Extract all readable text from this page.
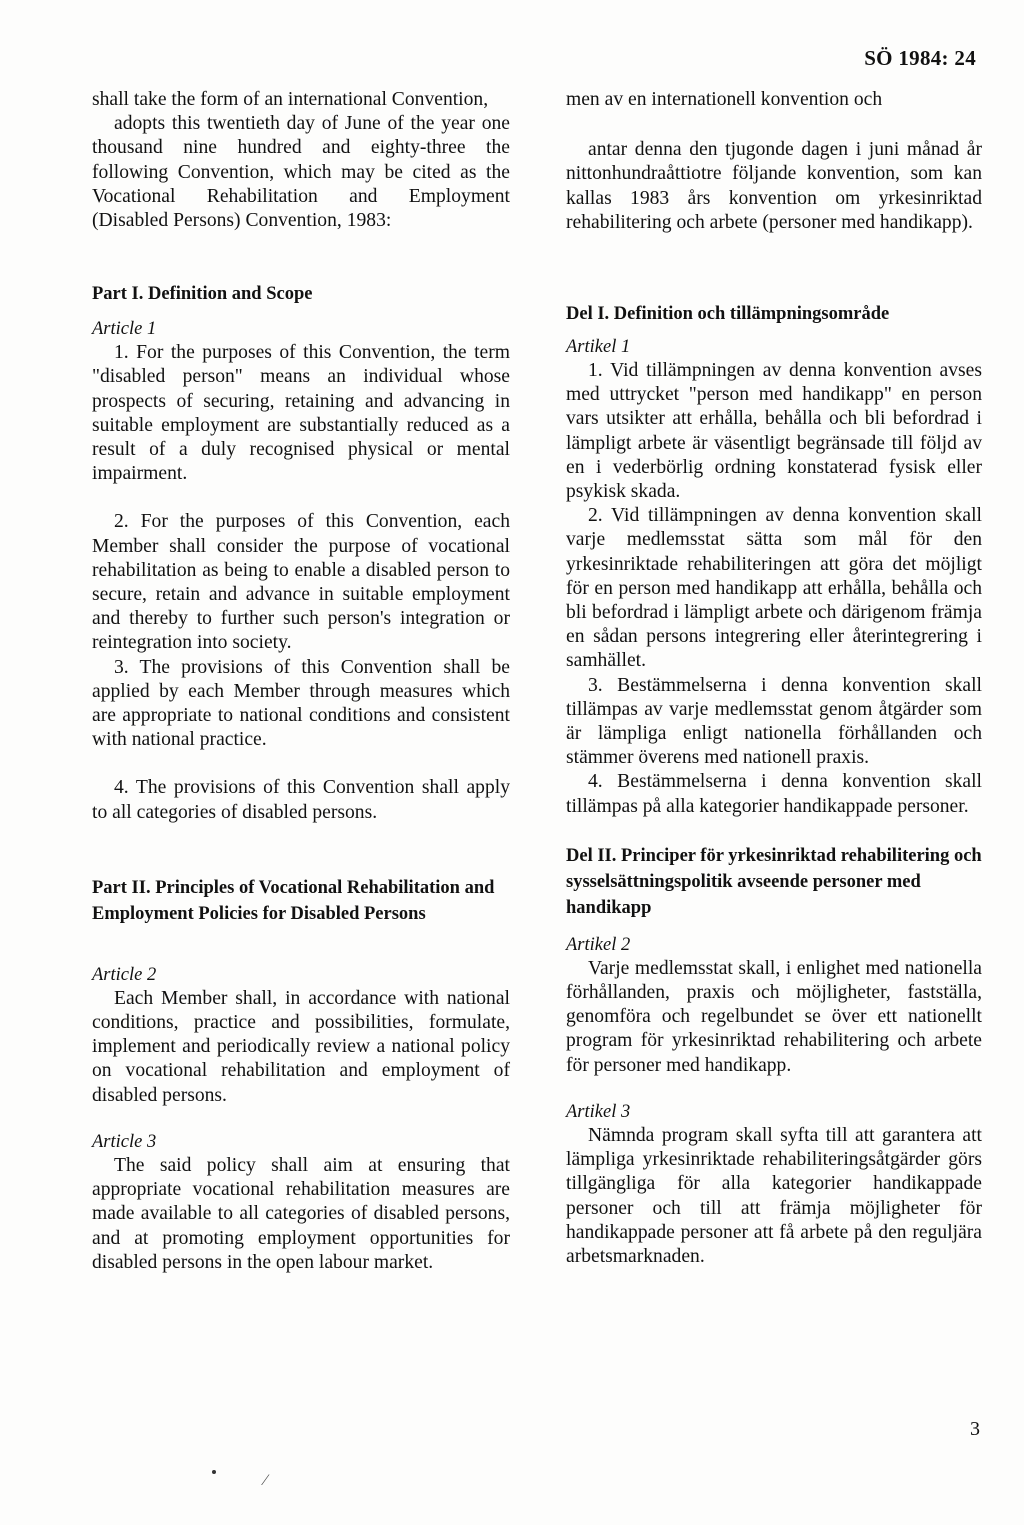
SÖ 1984: 24

shall take the form of an international Convention,

adopts this twentieth day of June of the year one thousand nine hundred and eighty-three the following Convention, which may be cited as the Vocational Rehabilitation and Employment (Disabled Persons) Convention, 1983:

Part I. Definition and Scope

Article 1

1. For the purposes of this Convention, the term "disabled person" means an individual whose prospects of securing, retaining and advancing in suitable employment are substantially reduced as a result of a duly recognised physical or mental impairment.

2. For the purposes of this Convention, each Member shall consider the purpose of vocational rehabilitation as being to enable a disabled person to secure, retain and advance in suitable employment and thereby to further such person's integration or reintegration into society.

3. The provisions of this Convention shall be applied by each Member through measures which are appropriate to national conditions and consistent with national practice.

4. The provisions of this Convention shall apply to all categories of disabled persons.

Part II. Principles of Vocational Rehabilitation and Employment Policies for Disabled Persons

Article 2

Each Member shall, in accordance with national conditions, practice and possibilities, formulate, implement and periodically review a national policy on vocational rehabilitation and employment of disabled persons.

Article 3

The said policy shall aim at ensuring that appropriate vocational rehabilitation measures are made available to all categories of disabled persons, and at promoting employment opportunities for disabled persons in the open labour market.

men av en internationell konvention och

antar denna den tjugonde dagen i juni månad år nittonhundraåttiotre följande konvention, som kan kallas 1983 års konvention om yrkesinriktad rehabilitering och arbete (personer med handikapp).

Del I. Definition och tillämpningsområde

Artikel 1

1. Vid tillämpningen av denna konvention avses med uttrycket "person med handikapp" en person vars utsikter att erhålla, behålla och bli befordrad i lämpligt arbete är väsentligt begränsade till följd av en i vederbörlig ordning konstaterad fysisk eller psykisk skada.

2. Vid tillämpningen av denna konvention skall varje medlemsstat sätta som mål för den yrkesinriktade rehabiliteringen att göra det möjligt för en person med handikapp att erhålla, behålla och bli befordrad i lämpligt arbete och därigenom främja en sådan persons integrering eller återintegrering i samhället.

3. Bestämmelserna i denna konvention skall tillämpas av varje medlemsstat genom åtgärder som är lämpliga enligt nationella förhållanden och stämmer överens med nationell praxis.

4. Bestämmelserna i denna konvention skall tillämpas på alla kategorier handikappade personer.

Del II. Principer för yrkesinriktad rehabilitering och sysselsättningspolitik avseende personer med handikapp

Artikel 2

Varje medlemsstat skall, i enlighet med nationella förhållanden, praxis och möjligheter, fastställa, genomföra och regelbundet se över ett nationellt program för yrkesinriktad rehabilitering och arbete för personer med handikapp.

Artikel 3

Nämnda program skall syfta till att garantera att lämpliga yrkesinriktade rehabiliteringsåtgärder görs tillgängliga för alla kategorier handikappade personer och till att främja möjligheter för handikappade personer att få arbete på den reguljära arbetsmarknaden.

3
⁄
